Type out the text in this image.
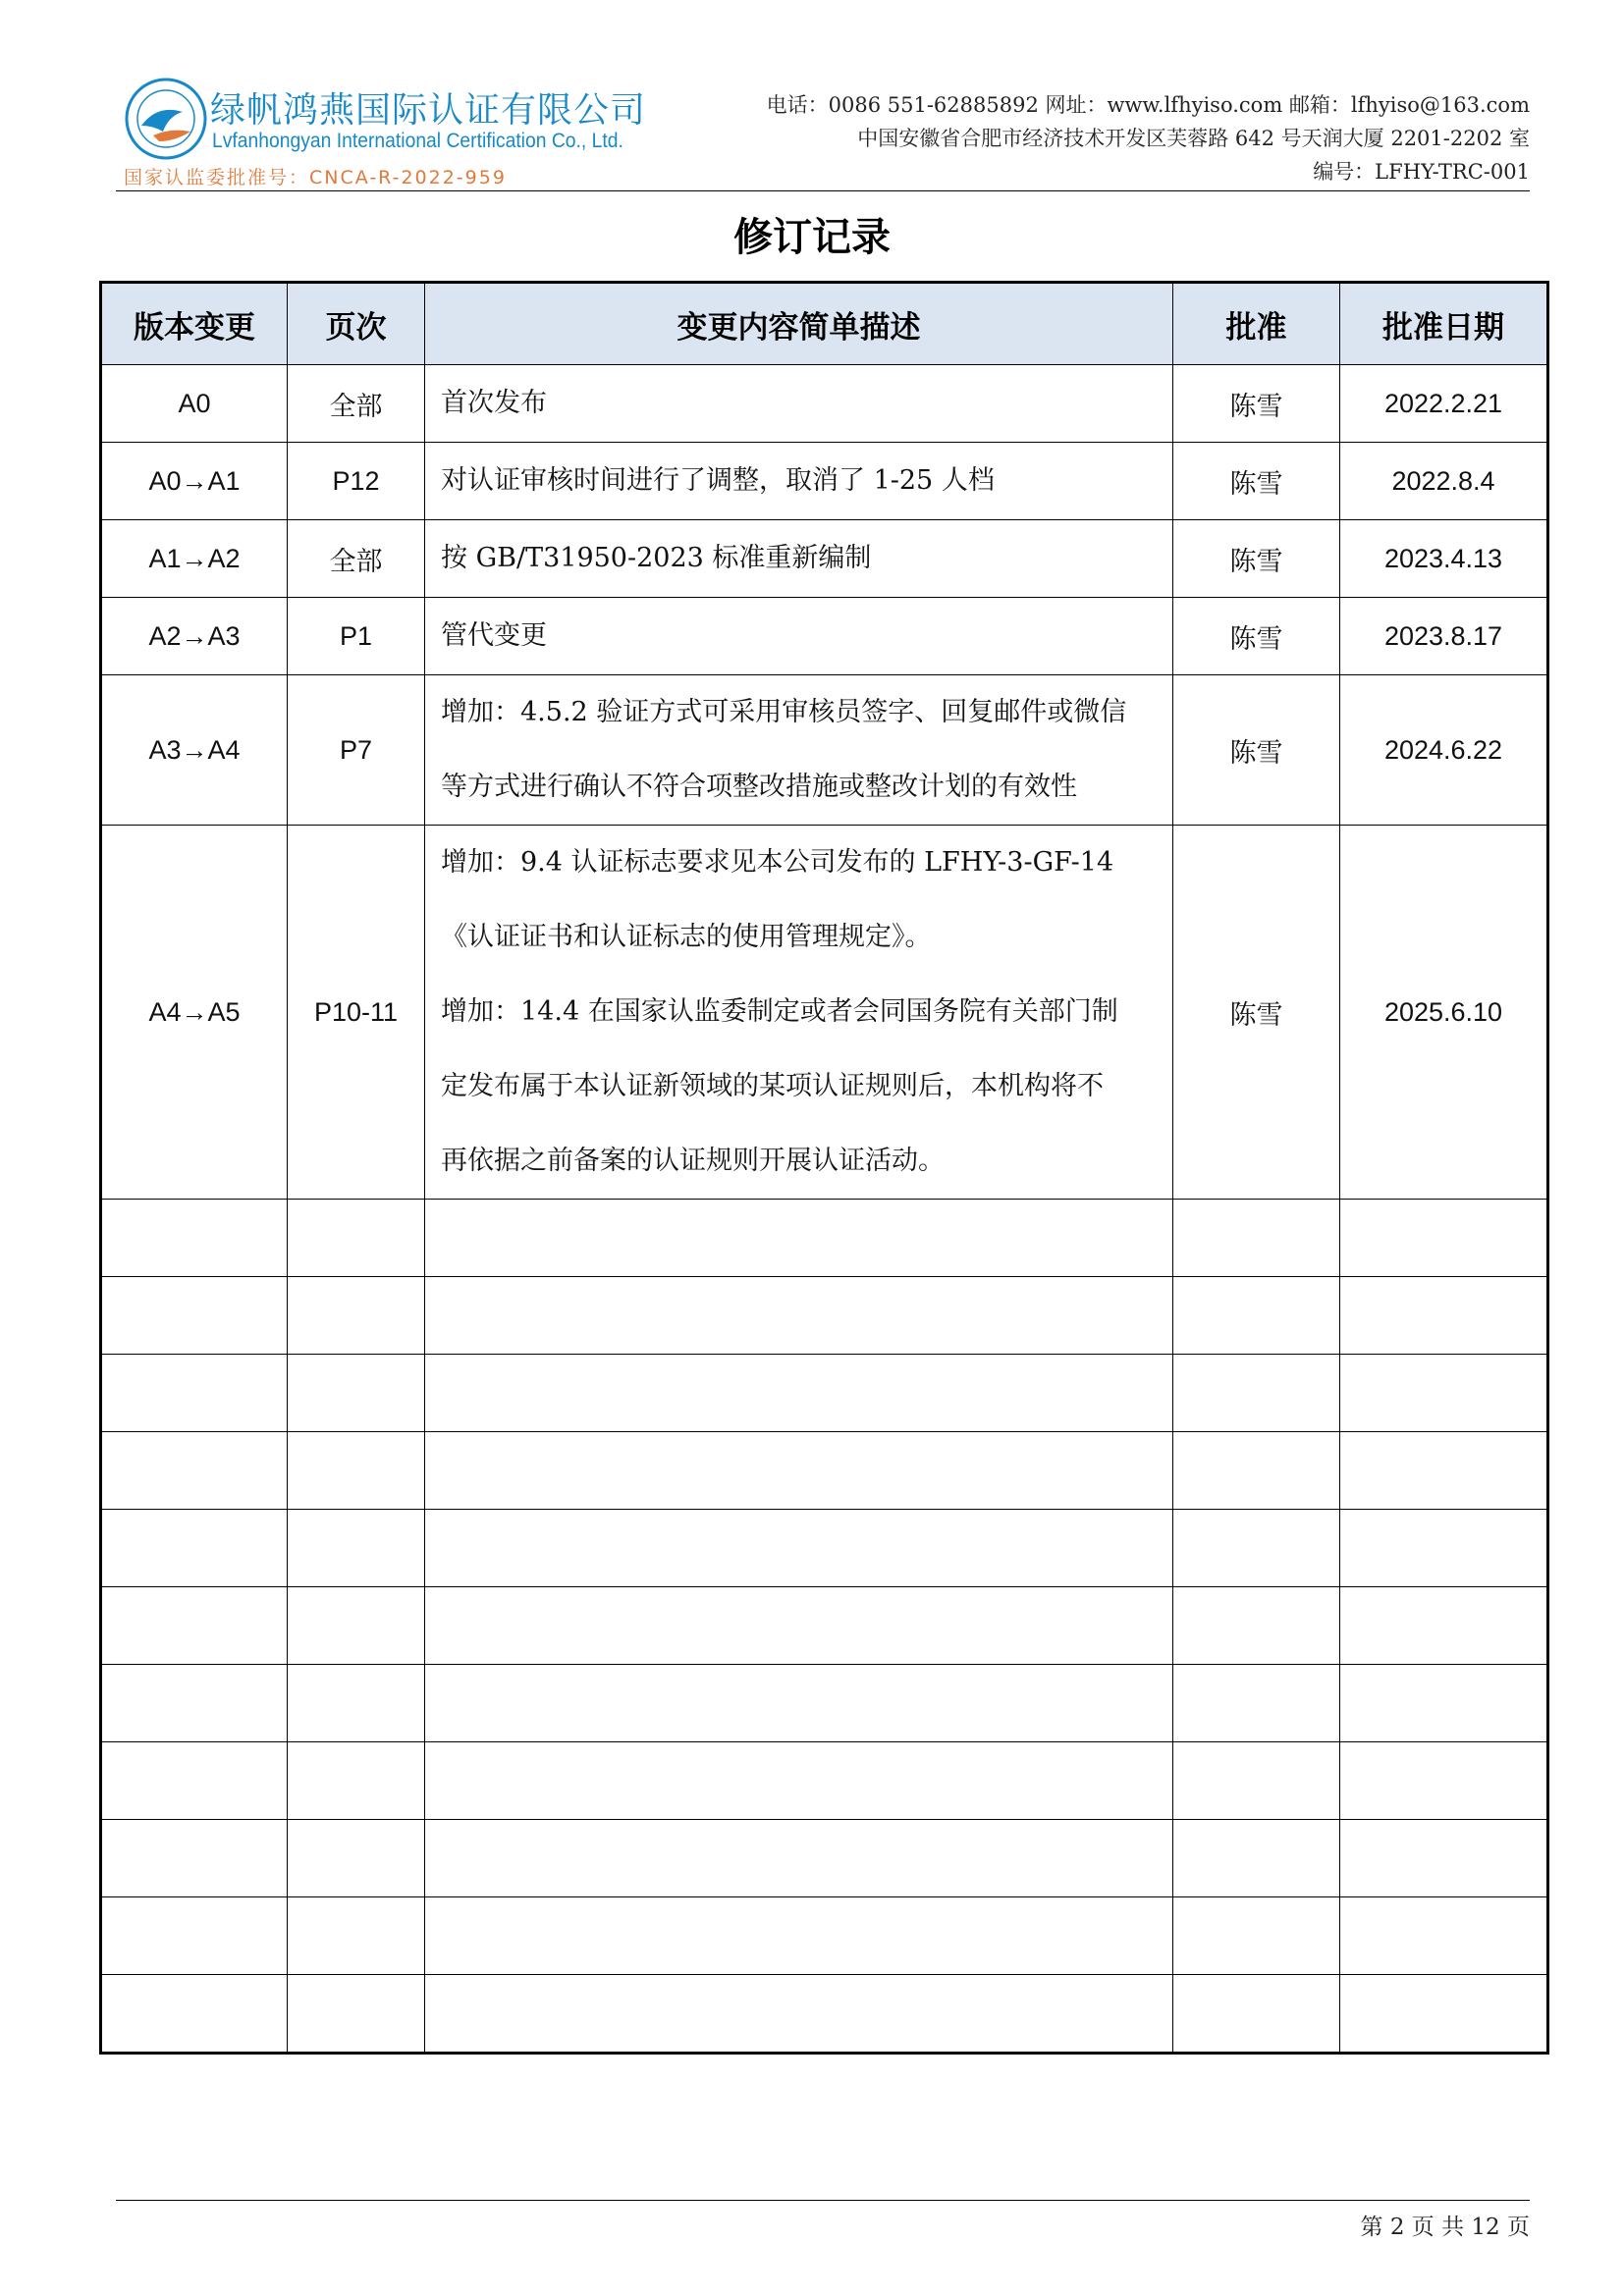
绿帆鸿燕国际认证有限公司
Lvfanhongyan International Certification Co., Ltd.
国家认监委批准号：CNCA-R-2022-959
电话：0086 551-62885892 网址：www.lfhyiso.com 邮箱：lfhyiso@163.com
中国安徽省合肥市经济技术开发区芙蓉路 642 号天润大厦 2201-2202 室
编号：LFHY-TRC-001
修订记录
版本变更	页次	变更内容简单描述	批准	批准日期
A0	全部	首次发布	陈雪	2022.2.21
A0→A1	P12	对认证审核时间进行了调整，取消了 1-25 人档	陈雪	2022.8.4
A1→A2	全部	按 GB/T31950-2023 标准重新编制	陈雪	2023.4.13
A2→A3	P1	管代变更	陈雪	2023.8.17
A3→A4	P7	增加：4.5.2 验证方式可采用审核员签字、回复邮件或微信

等方式进行确认不符合项整改措施或整改计划的有效性	陈雪	2024.6.22
A4→A5	P10-11	增加：9.4 认证标志要求见本公司发布的 LFHY-3-GF-14

《认证证书和认证标志的使用管理规定》。

增加：14.4 在国家认监委制定或者会同国务院有关部门制

定发布属于本认证新领域的某项认证规则后，本机构将不

再依据之前备案的认证规则开展认证活动。	陈雪	2025.6.10

第 2 页 共 12 页
